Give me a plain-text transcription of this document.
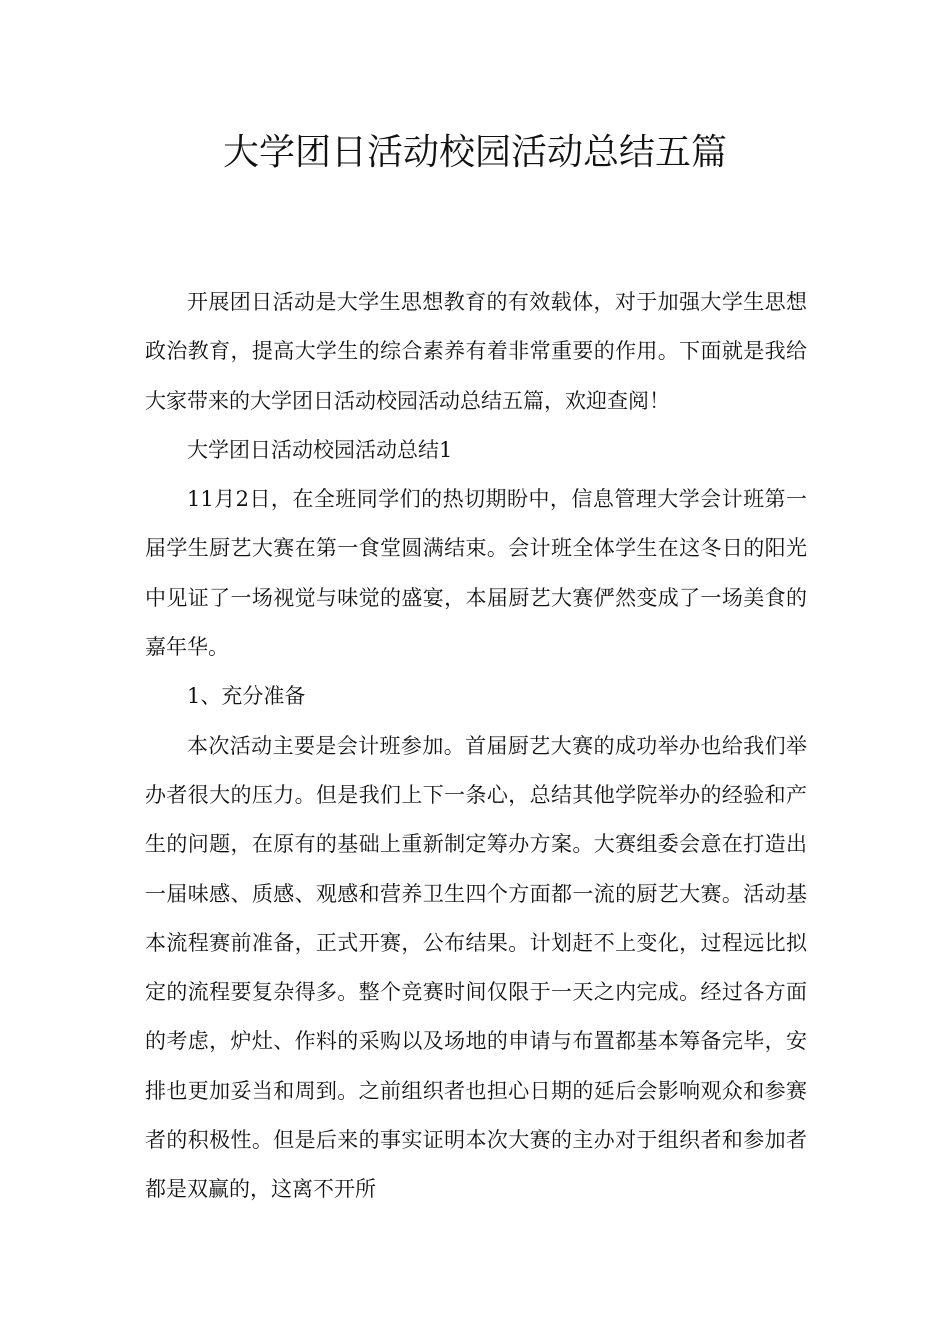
大学团日活动校园活动总结五篇

开展团日活动是大学生思想教育的有效载体，对于加强大学生思想政治教育，提高大学生的综合素养有着非常重要的作用。下面就是我给大家带来的大学团日活动校园活动总结五篇，欢迎查阅！

大学团日活动校园活动总结1

11月2日，在全班同学们的热切期盼中，信息管理大学会计班第一届学生厨艺大赛在第一食堂圆满结束。会计班全体学生在这冬日的阳光中见证了一场视觉与味觉的盛宴，本届厨艺大赛俨然变成了一场美食的嘉年华。

1、充分准备

本次活动主要是会计班参加。首届厨艺大赛的成功举办也给我们举办者很大的压力。但是我们上下一条心，总结其他学院举办的经验和产生的问题，在原有的基础上重新制定筹办方案。大赛组委会意在打造出一届味感、质感、观感和营养卫生四个方面都一流的厨艺大赛。活动基本流程赛前准备，正式开赛，公布结果。计划赶不上变化，过程远比拟定的流程要复杂得多。整个竞赛时间仅限于一天之内完成。经过各方面的考虑，炉灶、作料的采购以及场地的申请与布置都基本筹备完毕，安排也更加妥当和周到。之前组织者也担心日期的延后会影响观众和参赛者的积极性。但是后来的事实证明本次大赛的主办对于组织者和参加者都是双赢的，这离不开所
